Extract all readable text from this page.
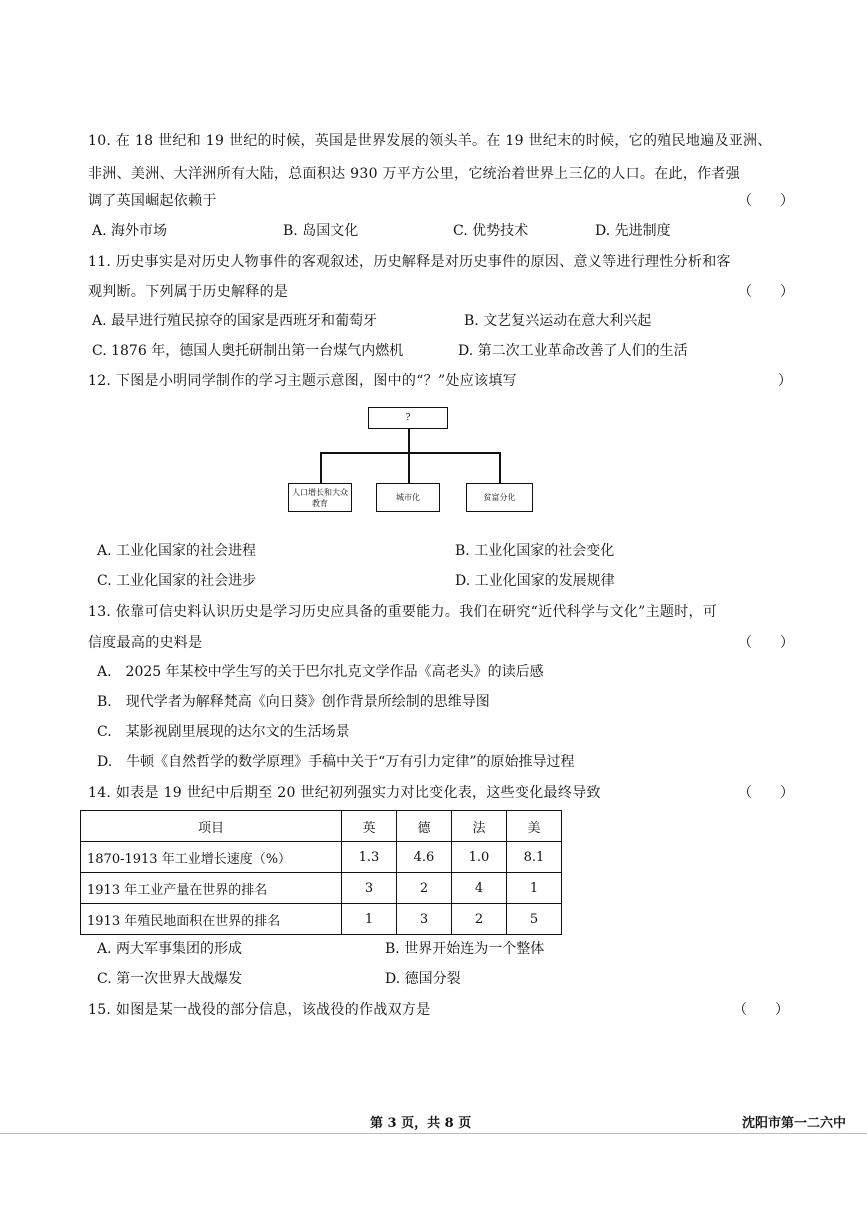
10. 在 18 世纪和 19 世纪的时候，英国是世界发展的领头羊。在 19 世纪末的时候，它的殖民地遍及亚洲、
非洲、美洲、大洋洲所有大陆，总面积达 930 万平方公里，它统治着世界上三亿的人口。在此，作者强
调了英国崛起依赖于	（　　）
A. 海外市场	B. 岛国文化	C. 优势技术	D. 先进制度
11. 历史事实是对历史人物事件的客观叙述，历史解释是对历史事件的原因、意义等进行理性分析和客
观判断。下列属于历史解释的是	（　　）
A. 最早进行殖民掠夺的国家是西班牙和葡萄牙	B. 文艺复兴运动在意大利兴起
C. 1876 年，德国人奥托研制出第一台煤气内燃机	D. 第二次工业革命改善了人们的生活
12. 下图是小明同学制作的学习主题示意图，图中的“？”处应该填写	）
?
人口增长和大众教育
城市化	贫富分化
A. 工业化国家的社会进程	B. 工业化国家的社会变化
C. 工业化国家的社会进步	D. 工业化国家的发展规律
13. 依靠可信史料认识历史是学习历史应具备的重要能力。我们在研究“近代科学与文化”主题时，可
信度最高的史料是	（　　）
A.　2025 年某校中学生写的关于巴尔扎克文学作品《高老头》的读后感
B.　现代学者为解释梵高《向日葵》创作背景所绘制的思维导图
C.　某影视剧里展现的达尔文的生活场景
D.　牛顿《自然哲学的数学原理》手稿中关于“万有引力定律”的原始推导过程
14. 如表是 19 世纪中后期至 20 世纪初列强实力对比变化表，这些变化最终导致	（　　）
项目	英	德	法	美
1870-1913 年工业增长速度（%）	1.3	4.6	1.0	8.1
1913 年工业产量在世界的排名	3	2	4	1
1913 年殖民地面积在世界的排名	1	3	2	5
A. 两大军事集团的形成	B. 世界开始连为一个整体
C. 第一次世界大战爆发	D. 德国分裂
15. 如图是某一战役的部分信息，该战役的作战双方是	（　　）
第 3 页，共 8 页	沈阳市第一二六中
